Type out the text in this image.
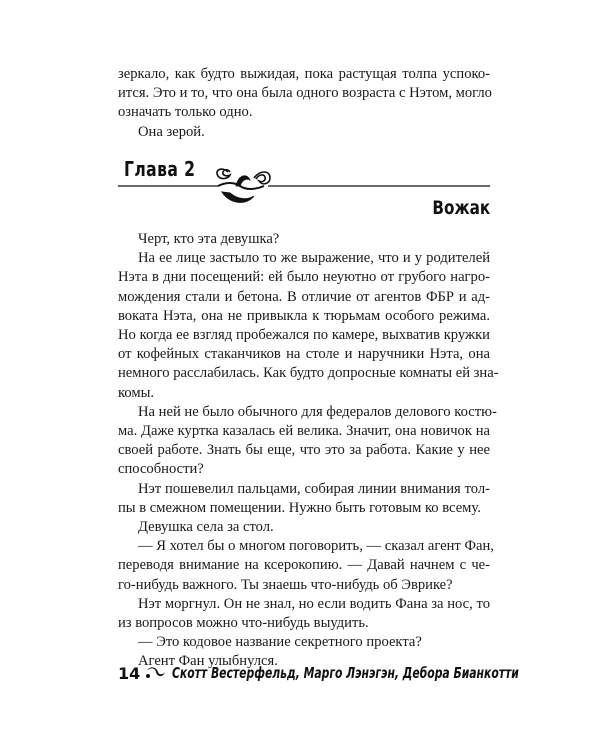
зеркало, как будто выжидая, пока растущая толпа успоко-
ится. Это и то, что она была одного возраста с Нэтом, могло
означать только одно.
Она зерой.
Глава 2
Вожак
Черт, кто эта девушка?
На ее лице застыло то же выражение, что и у родителей
Нэта в дни посещений: ей было неуютно от грубого нагро-
мождения стали и бетона. В отличие от агентов ФБР и ад-
воката Нэта, она не привыкла к тюрьмам особого режима.
Но когда ее взгляд пробежался по камере, выхватив кружки
от кофейных стаканчиков на столе и наручники Нэта, она
немного расслабилась. Как будто допросные комнаты ей зна-
комы.
На ней не было обычного для федералов делового костю-
ма. Даже куртка казалась ей велика. Значит, она новичок на
своей работе. Знать бы еще, что это за работа. Какие у нее
способности?
Нэт пошевелил пальцами, собирая линии внимания тол-
пы в смежном помещении. Нужно быть готовым ко всему.
Девушка села за стол.
— Я хотел бы о многом поговорить, — сказал агент Фан,
переводя внимание на ксерокопию. — Давай начнем с че-
го-нибудь важного. Ты знаешь что-нибудь об Эврике?
Нэт моргнул. Он не знал, но если водить Фана за нос, то
из вопросов можно что-нибудь выудить.
— Это кодовое название секретного проекта?
Агент Фан улыбнулся.
14 Скотт Вестерфельд, Марго Лэнэгэн, Дебора Бианкотти
